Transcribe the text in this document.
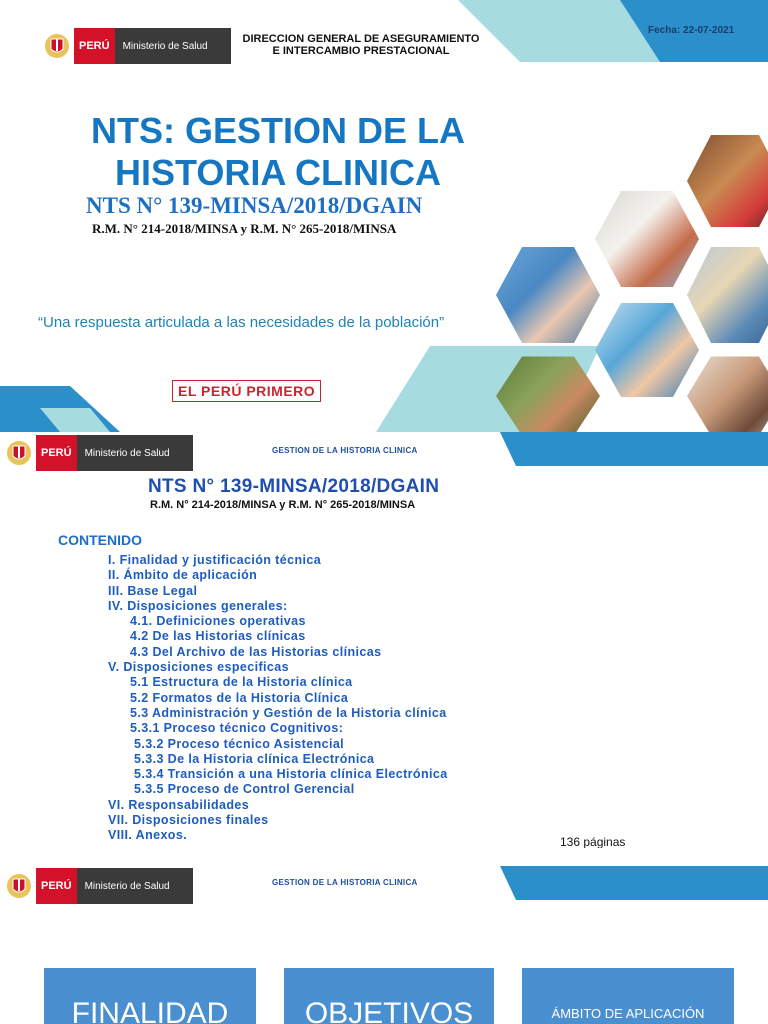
PERÚ	Ministerio de Salud
DIRECCION GENERAL DE ASEGURAMIENTO
E INTERCAMBIO PRESTACIONAL
Fecha: 22-07-2021
NTS: GESTION DE LA
HISTORIA CLINICA
NTS N° 139-MINSA/2018/DGAIN
R.M. N° 214-2018/MINSA y R.M. N° 265-2018/MINSA
“Una respuesta articulada a las necesidades de la población”
EL PERÚ PRIMERO
PERÚ	Ministerio de Salud	GESTION DE LA HISTORIA CLINICA
NTS N° 139-MINSA/2018/DGAIN
R.M. N° 214-2018/MINSA y R.M. N° 265-2018/MINSA
CONTENIDO
I. Finalidad y justificación técnica
II. Ámbito de aplicación
III. Base Legal
IV. Disposiciones generales:
4.1. Definiciones operativas
4.2 De las Historias clínicas
4.3 Del Archivo de las Historias clínicas
V. Disposiciones especificas
5.1 Estructura de la Historia clínica
5.2 Formatos de la Historia Clínica
5.3 Administración y Gestión de la Historia clínica
5.3.1 Proceso técnico Cognitivos:
5.3.2 Proceso técnico Asistencial
5.3.3 De la Historia clínica Electrónica
5.3.4 Transición a una Historia clínica Electrónica
5.3.5 Proceso de Control Gerencial
VI. Responsabilidades
VII. Disposiciones finales
VIII. Anexos.	136 páginas
PERÚ	Ministerio de Salud	GESTION DE LA HISTORIA CLINICA
FINALIDAD	OBJETIVOS	ÁMBITO DE APLICACIÓN
